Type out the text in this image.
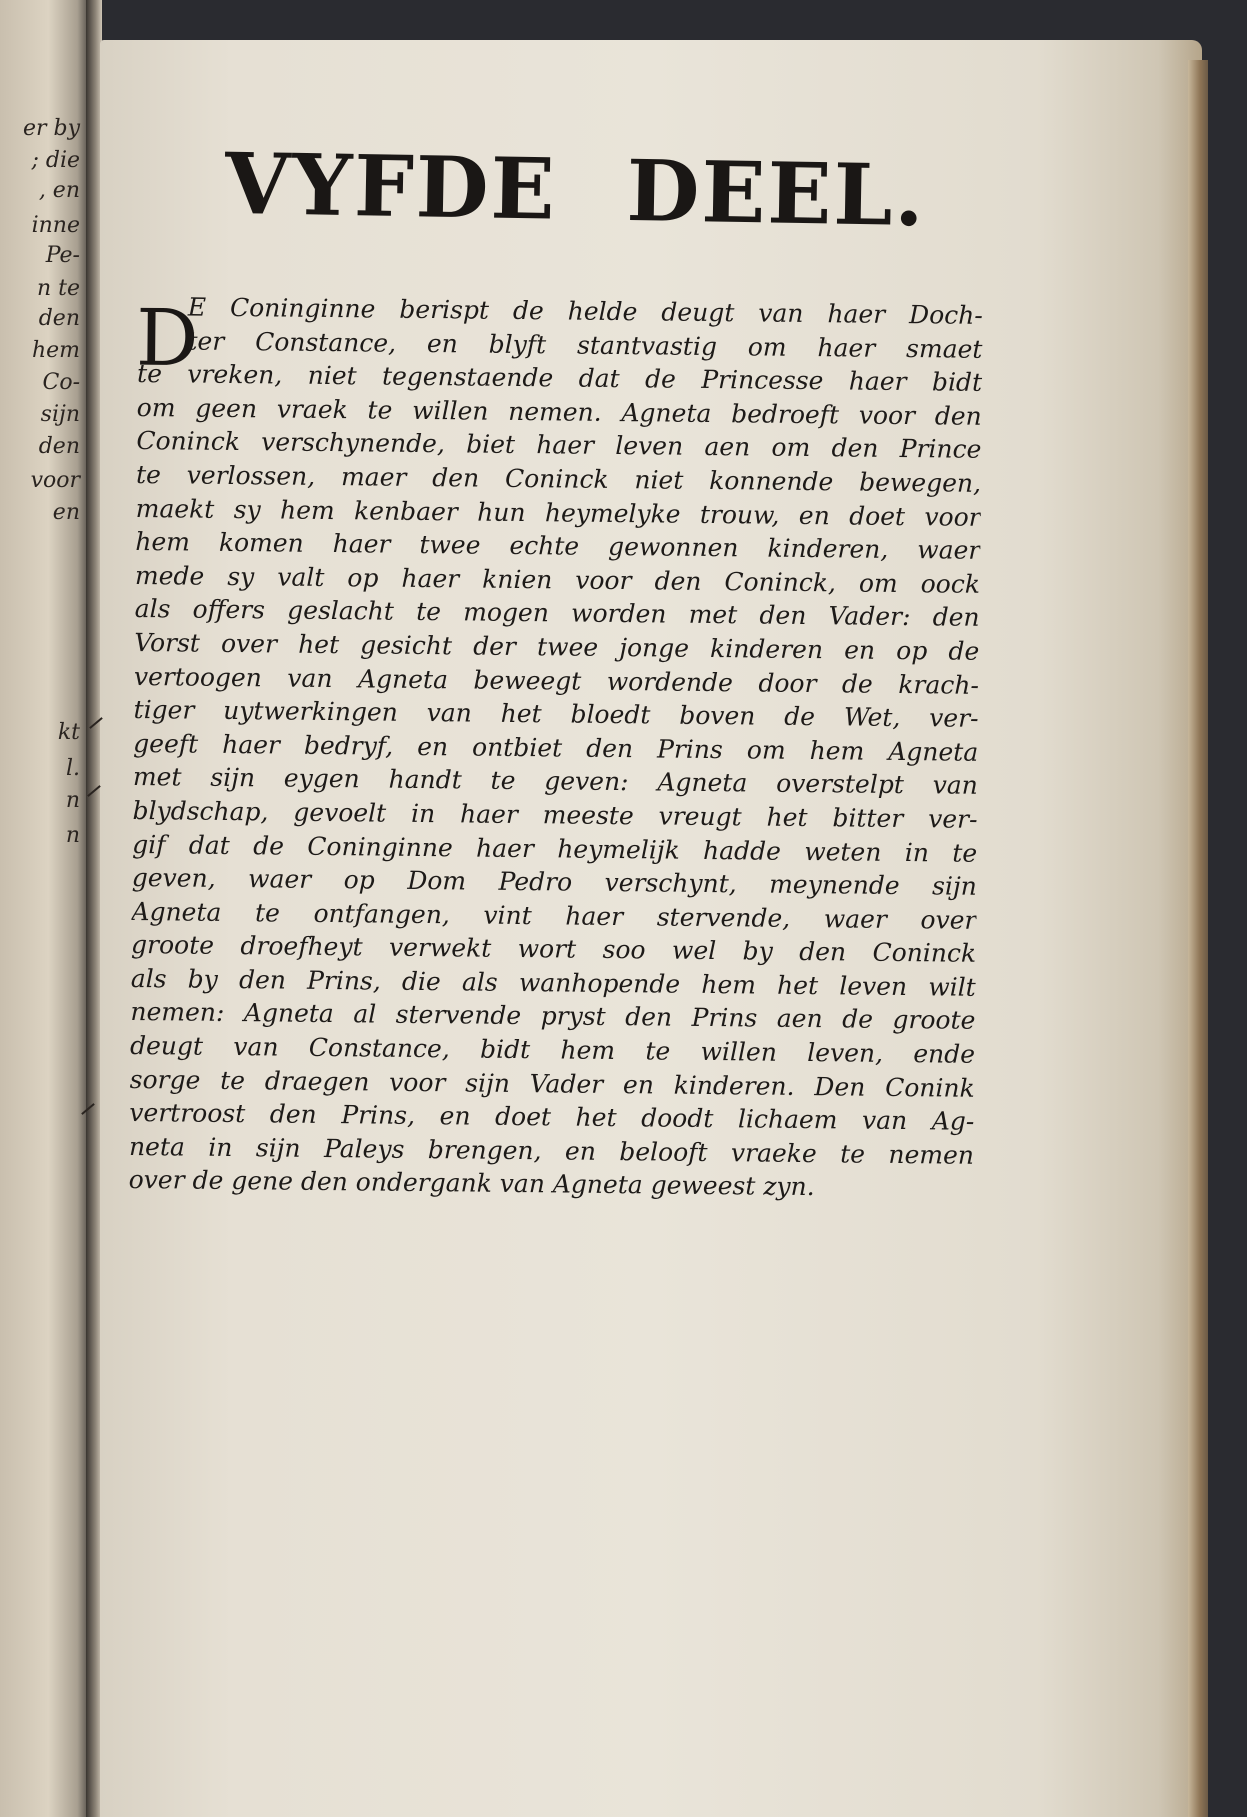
er by
; die
, en
inne
Pe-
n te
den
hem
Co-
sijn
den
voor
en
kt
l.
n
n
VYFDE DEEL.
D
E Coninginne berispt de helde deugt van haer Doch-
ter Constance, en blyft stantvastig om haer smaet
te vreken, niet tegenstaende dat de Princesse haer bidt
om geen vraek te willen nemen. Agneta bedroeft voor den
Coninck verschynende, biet haer leven aen om den Prince
te verlossen, maer den Coninck niet konnende bewegen,
maekt sy hem kenbaer hun heymelyke trouw, en doet voor
hem komen haer twee echte gewonnen kinderen, waer
mede sy valt op haer knien voor den Coninck, om oock
als offers geslacht te mogen worden met den Vader: den
Vorst over het gesicht der twee jonge kinderen en op de
vertoogen van Agneta beweegt wordende door de krach-
tiger uytwerkingen van het bloedt boven de Wet, ver-
geeft haer bedryf, en ontbiet den Prins om hem Agneta
met sijn eygen handt te geven: Agneta overstelpt van
blydschap, gevoelt in haer meeste vreugt het bitter ver-
gif dat de Coninginne haer heymelijk hadde weten in te
geven, waer op Dom Pedro verschynt, meynende sijn
Agneta te ontfangen, vint haer stervende, waer over
groote droefheyt verwekt wort soo wel by den Coninck
als by den Prins, die als wanhopende hem het leven wilt
nemen: Agneta al stervende pryst den Prins aen de groote
deugt van Constance, bidt hem te willen leven, ende
sorge te draegen voor sijn Vader en kinderen. Den Conink
vertroost den Prins, en doet het doodt lichaem van Ag-
neta in sijn Paleys brengen, en belooft vraeke te nemen
over de gene den ondergank van Agneta geweest zyn.
